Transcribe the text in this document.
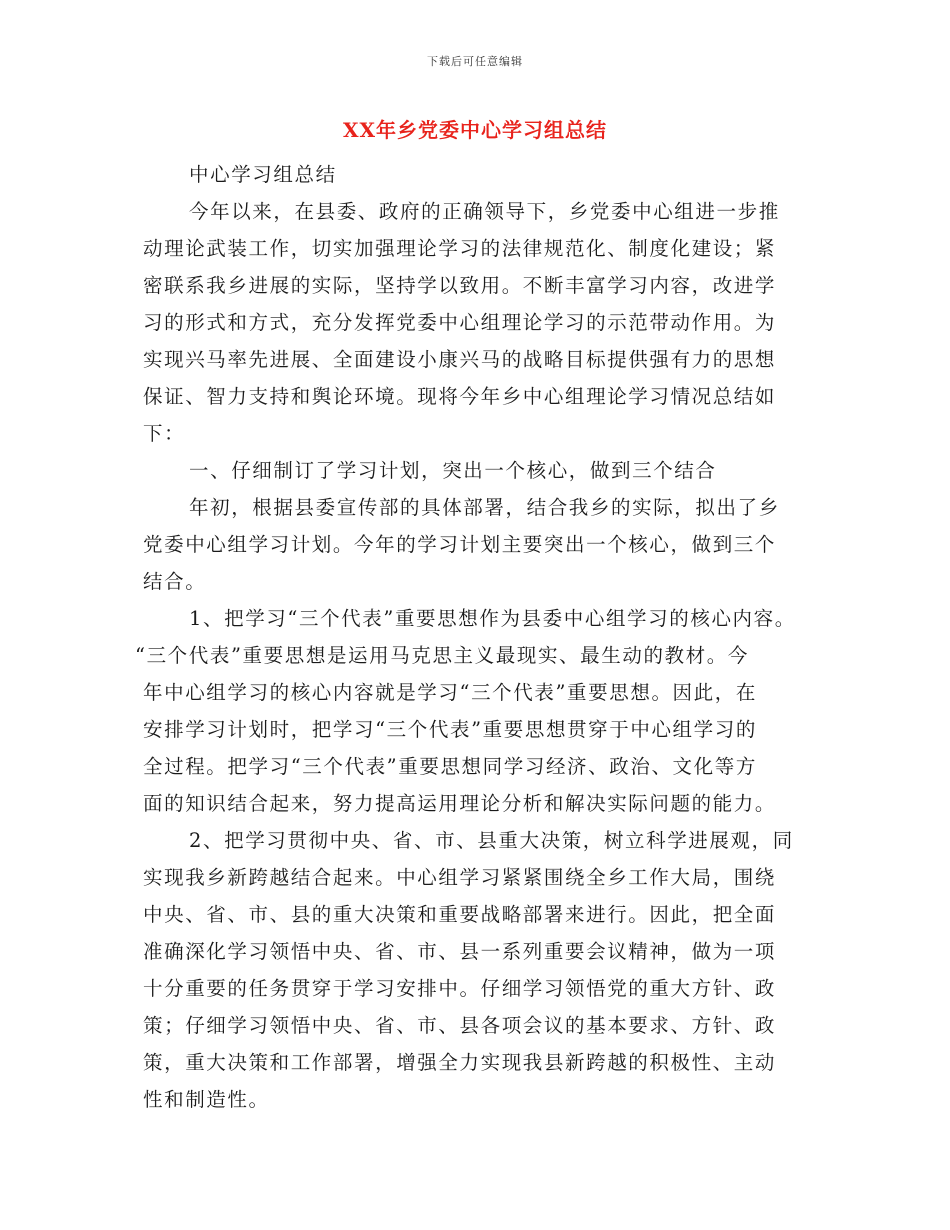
下载后可任意编辑
XX年乡党委中心学习组总结
中心学习组总结
今年以来，在县委、政府的正确领导下，乡党委中心组进一步推
动理论武装工作，切实加强理论学习的法律规范化、制度化建设；紧
密联系我乡进展的实际，坚持学以致用。不断丰富学习内容，改进学
习的形式和方式，充分发挥党委中心组理论学习的示范带动作用。为
实现兴马率先进展、全面建设小康兴马的战略目标提供强有力的思想
保证、智力支持和舆论环境。现将今年乡中心组理论学习情况总结如
下：
一、仔细制订了学习计划，突出一个核心，做到三个结合
年初，根据县委宣传部的具体部署，结合我乡的实际，拟出了乡
党委中心组学习计划。今年的学习计划主要突出一个核心，做到三个
结合。
1、把学习“三个代表”重要思想作为县委中心组学习的核心内容。
“三个代表”重要思想是运用马克思主义最现实、最生动的教材。今
年中心组学习的核心内容就是学习“三个代表”重要思想。因此，在
安排学习计划时，把学习“三个代表”重要思想贯穿于中心组学习的
全过程。把学习“三个代表”重要思想同学习经济、政治、文化等方
面的知识结合起来，努力提高运用理论分析和解决实际问题的能力。
2、把学习贯彻中央、省、市、县重大决策，树立科学进展观，同
实现我乡新跨越结合起来。中心组学习紧紧围绕全乡工作大局，围绕
中央、省、市、县的重大决策和重要战略部署来进行。因此，把全面
准确深化学习领悟中央、省、市、县一系列重要会议精神，做为一项
十分重要的任务贯穿于学习安排中。仔细学习领悟党的重大方针、政
策；仔细学习领悟中央、省、市、县各项会议的基本要求、方针、政
策，重大决策和工作部署，增强全力实现我县新跨越的积极性、主动
性和制造性。
